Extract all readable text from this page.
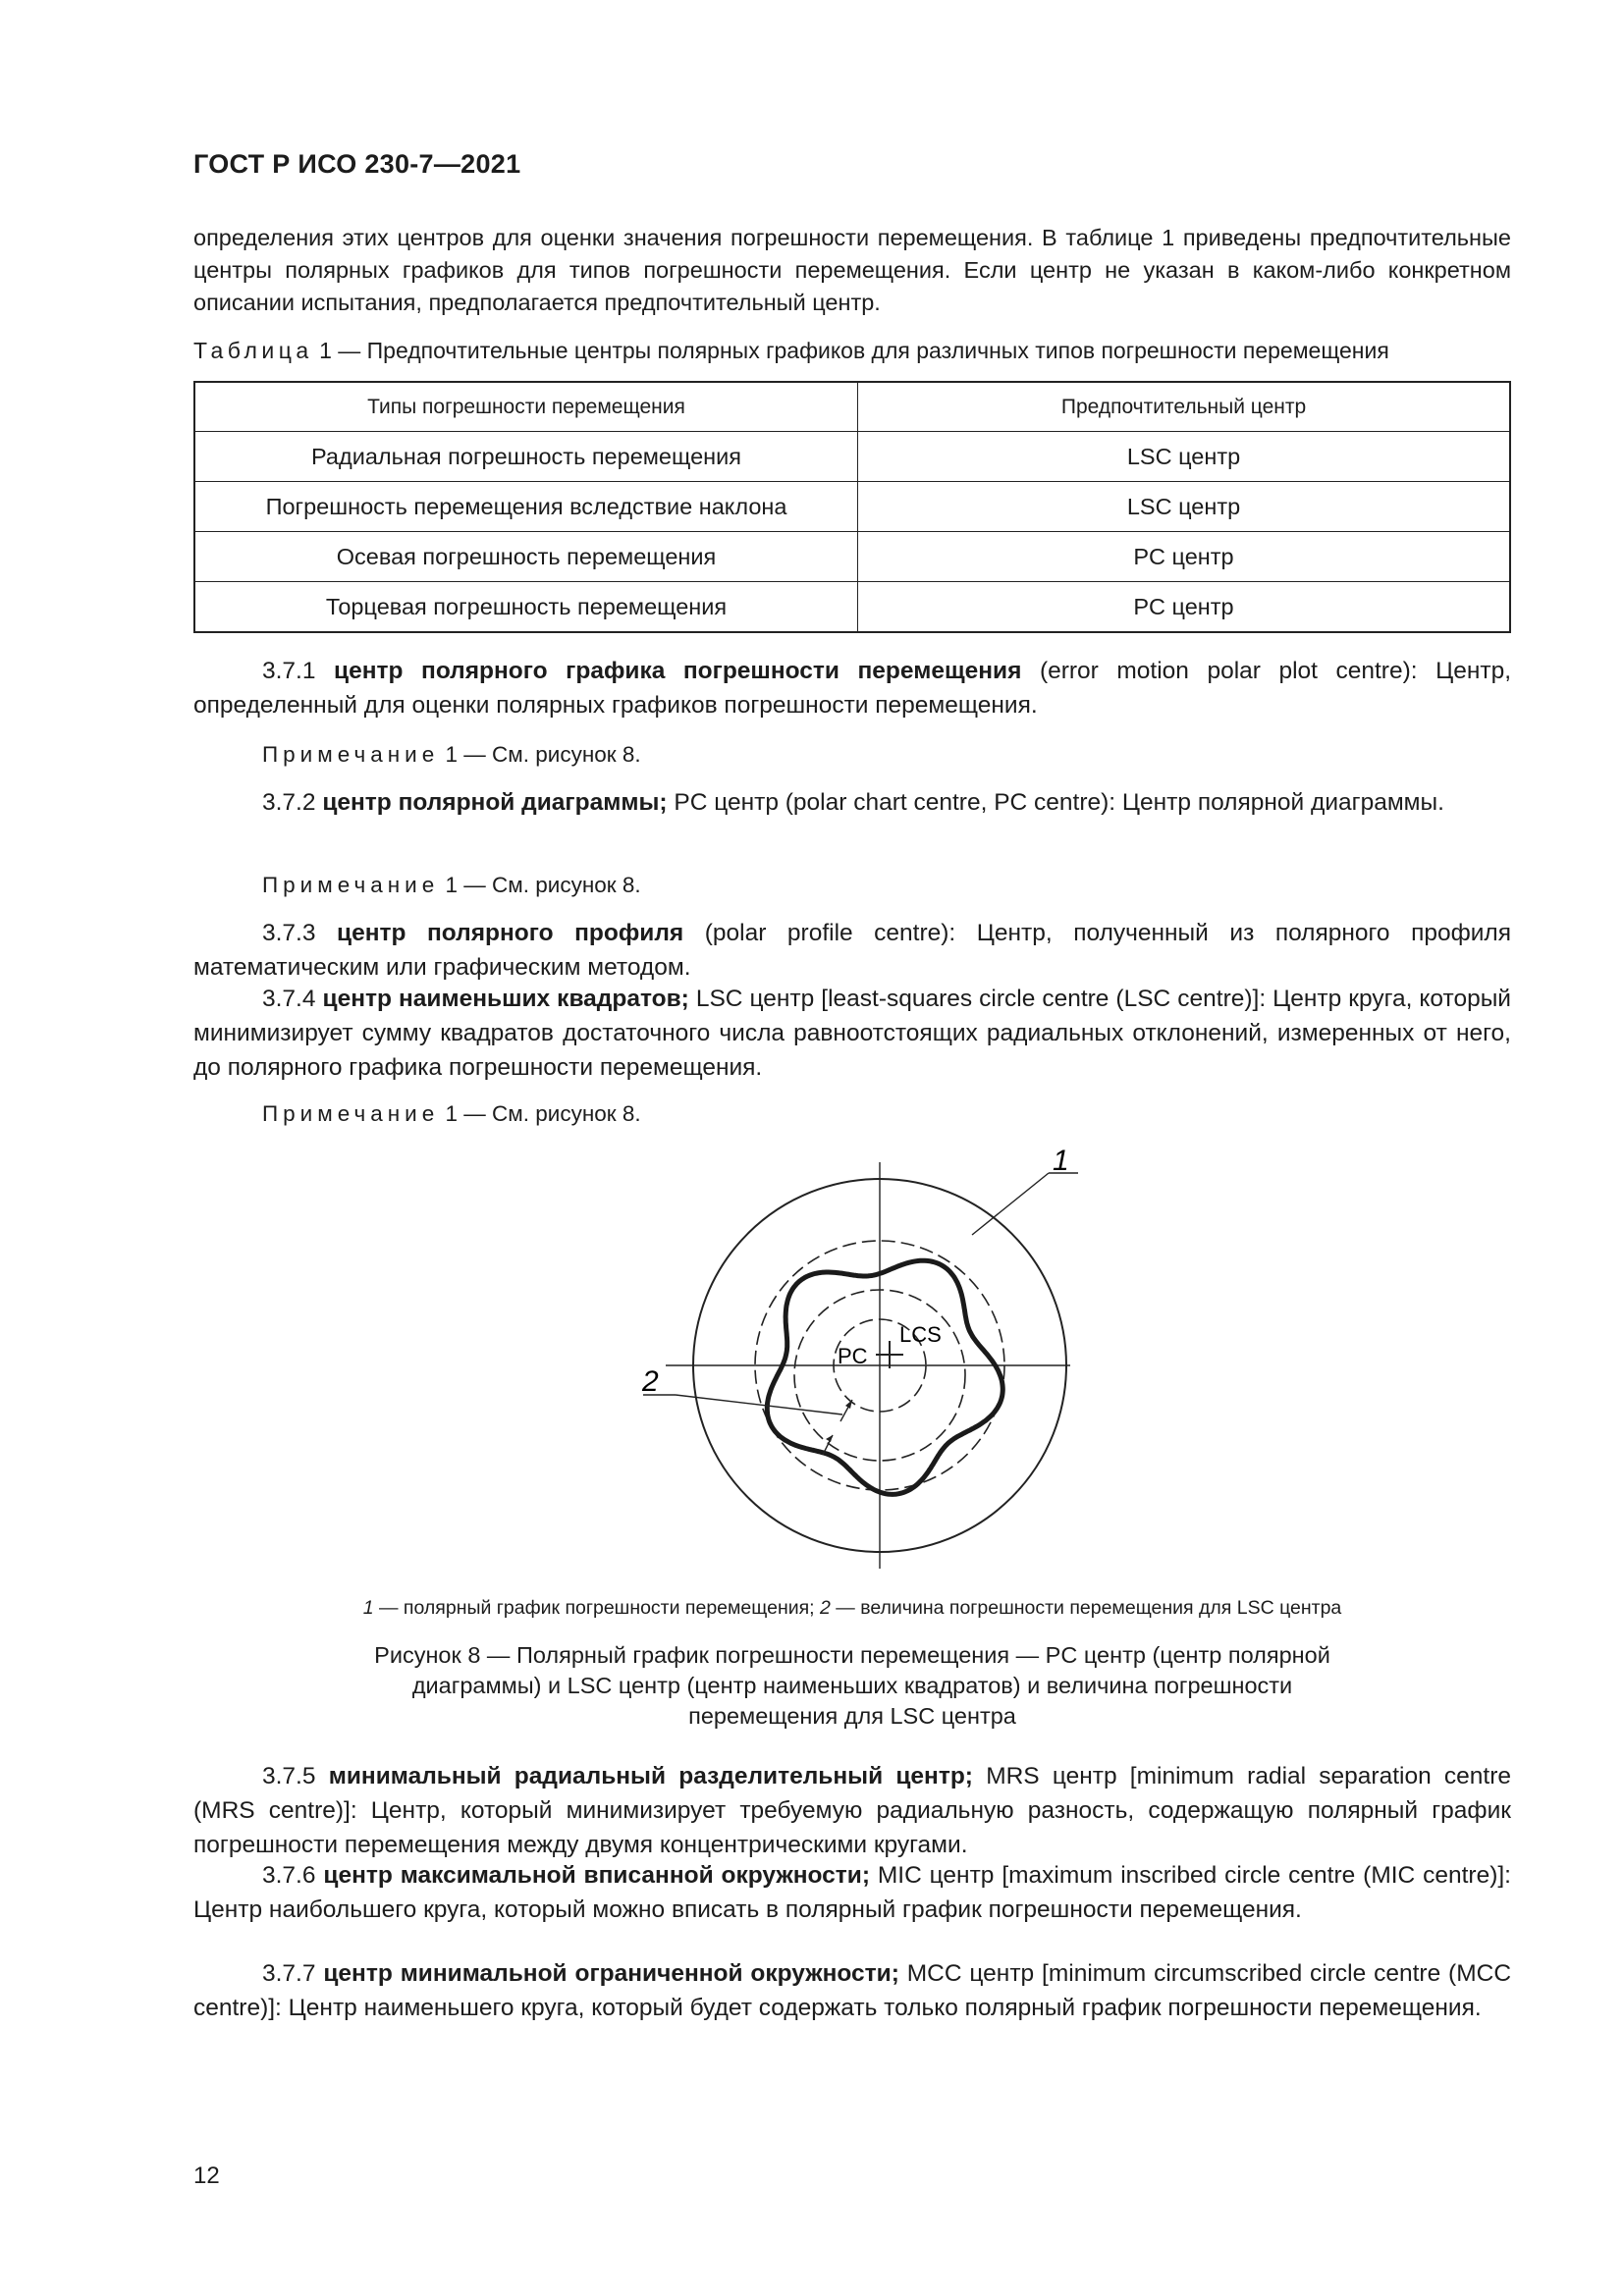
ГОСТ Р ИСО 230-7—2021
определения этих центров для оценки значения погрешности перемещения. В таблице 1 приведены предпочтительные центры полярных графиков для типов погрешности перемещения. Если центр не указан в каком-либо конкретном описании испытания, предполагается предпочтительный центр.
Таблица 1 — Предпочтительные центры полярных графиков для различных типов погрешности перемещения
Типы погрешности перемещения	Предпочтительный центр
Радиальная погрешность перемещения	LSC центр
Погрешность перемещения вследствие наклона	LSC центр
Осевая погрешность перемещения	PC центр
Торцевая погрешность перемещения	PC центр
3.7.1 центр полярного графика погрешности перемещения (error motion polar plot centre): Центр, определенный для оценки полярных графиков погрешности перемещения.
Примечание 1 — См. рисунок 8.
3.7.2 центр полярной диаграммы; PC центр (polar chart centre, PC centre): Центр полярной диаграммы.
Примечание 1 — См. рисунок 8.
3.7.3 центр полярного профиля (polar profile centre): Центр, полученный из полярного профиля математическим или графическим методом.
3.7.4 центр наименьших квадратов; LSC центр [least-squares circle centre (LSC centre)]: Центр круга, который минимизирует сумму квадратов достаточного числа равноотстоящих радиальных отклонений, измеренных от него, до полярного графика погрешности перемещения.
Примечание 1 — См. рисунок 8.
LCS
PC
1
2
1 — полярный график погрешности перемещения; 2 — величина погрешности перемещения для LSC центра
Рисунок 8 — Полярный график погрешности перемещения — PC центр (центр полярной
диаграммы) и LSC центр (центр наименьших квадратов) и величина погрешности
перемещения для LSC центра
3.7.5 минимальный радиальный разделительный центр; MRS центр [minimum radial separation centre (MRS centre)]: Центр, который минимизирует требуемую радиальную разность, содержащую полярный график погрешности перемещения между двумя концентрическими кругами.
3.7.6 центр максимальной вписанной окружности; MIC центр [maximum inscribed circle centre (MIC centre)]: Центр наибольшего круга, который можно вписать в полярный график погрешности перемещения.
3.7.7 центр минимальной ограниченной окружности; MCC центр [minimum circumscribed circle centre (MCC centre)]: Центр наименьшего круга, который будет содержать только полярный график погрешности перемещения.
12
